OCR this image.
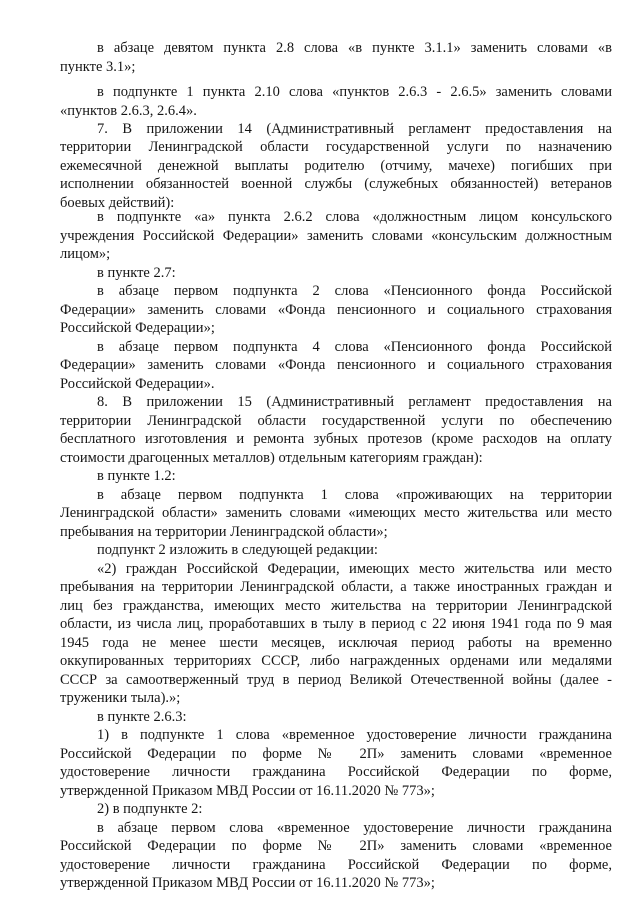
в абзаце девятом пункта 2.8 слова «в пункте 3.1.1» заменить словами «в
пункте 3.1»;
в подпункте 1 пункта 2.10 слова «пунктов 2.6.3 - 2.6.5» заменить словами
«пунктов 2.6.3, 2.6.4».
7. В приложении 14 (Административный регламент предоставления на
территории Ленинградской области государственной услуги по назначению
ежемесячной денежной выплаты родителю (отчиму, мачехе) погибших при
исполнении обязанностей военной службы (служебных обязанностей) ветеранов
боевых действий):
в подпункте «а» пункта 2.6.2 слова «должностным лицом консульского
учреждения Российской Федерации» заменить словами «консульским должностным
лицом»;
в пункте 2.7:
в абзаце первом подпункта 2 слова «Пенсионного фонда Российской
Федерации» заменить словами «Фонда пенсионного и социального страхования
Российской Федерации»;
в абзаце первом подпункта 4 слова «Пенсионного фонда Российской
Федерации» заменить словами «Фонда пенсионного и социального страхования
Российской Федерации».
8. В приложении 15 (Административный регламент предоставления на
территории Ленинградской области государственной услуги по обеспечению
бесплатного изготовления и ремонта зубных протезов (кроме расходов на оплату
стоимости драгоценных металлов) отдельным категориям граждан):
в пункте 1.2:
в абзаце первом подпункта 1 слова «проживающих на территории
Ленинградской области» заменить словами «имеющих место жительства или место
пребывания на территории Ленинградской области»;
подпункт 2 изложить в следующей редакции:
«2) граждан Российской Федерации, имеющих место жительства или место
пребывания на территории Ленинградской области, а также иностранных граждан и
лиц без гражданства, имеющих место жительства на территории Ленинградской
области, из числа лиц, проработавших в тылу в период с 22 июня 1941 года по 9 мая
1945 года не менее шести месяцев, исключая период работы на временно
оккупированных территориях СССР, либо награжденных орденами или медалями
СССР за самоотверженный труд в период Великой Отечественной войны (далее -
труженики тыла).»;
в пункте 2.6.3:
1) в подпункте 1 слова «временное удостоверение личности гражданина
Российской Федерации по форме № 2П» заменить словами «временное
удостоверение личности гражданина Российской Федерации по форме,
утвержденной Приказом МВД России от 16.11.2020 № 773»;
2) в подпункте 2:
в абзаце первом слова «временное удостоверение личности гражданина
Российской Федерации по форме № 2П» заменить словами «временное
удостоверение личности гражданина Российской Федерации по форме,
утвержденной Приказом МВД России от 16.11.2020 № 773»;
